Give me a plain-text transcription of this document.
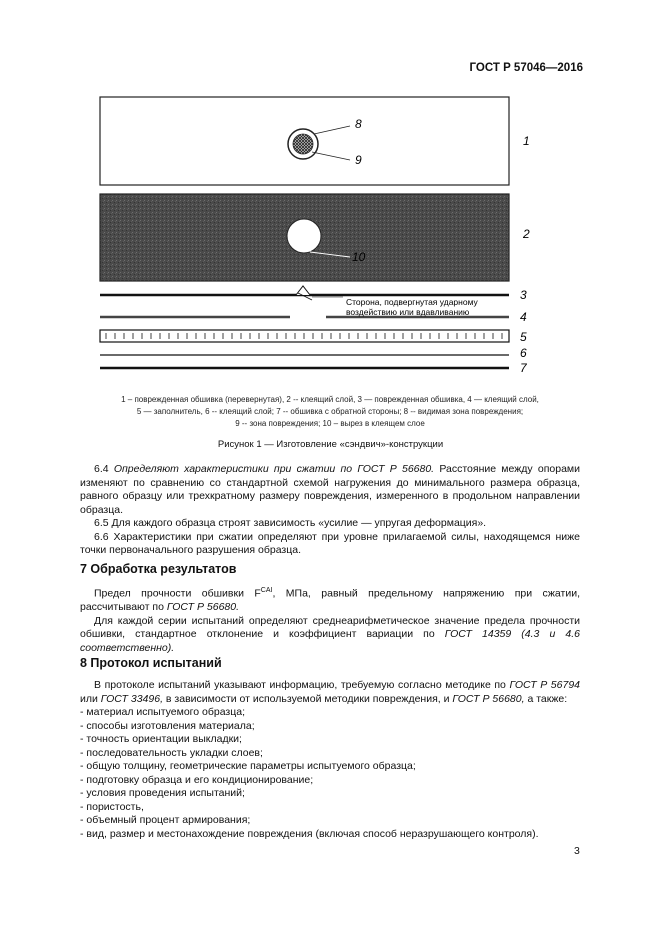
ГОСТ Р 57046—2016
8
9
10
1
2
3
4
5
6
7
Сторона, подвергнутая ударному
воздействию или вдавливанию
1 – поврежденная обшивка (перевернутая), 2 -- клеящий слой, 3 — поврежденная обшивка, 4 — клеящий слой,
5 — заполнитель, 6 -- клеящий слой; 7 -- обшивка с обратной стороны; 8 -- видимая зона повреждения;
9 -- зона повреждения; 10 – вырез в клеящем слое
Рисунок 1 — Изготовление «сэндвич»-конструкции

6.4 Определяют характеристики при сжатии по ГОСТ Р 56680. Расстояние между опорами изменяют по сравнению со стандартной схемой нагружения до минимального размера образца, равного образцу или трехкратному размеру повреждения, измеренного в продольном направлении образца.

6.5 Для каждого образца строят зависимость «усилие — упругая деформация».

6.6 Характеристики при сжатии определяют при уровне прилагаемой силы, находящемся ниже точки первоначального разрушения образца.

7 Обработка результатов

Предел прочности обшивки $F^{CAI}$, МПа, равный предельному напряжению при сжатии, рассчитывают по ГОСТ Р 56680.

Для каждой серии испытаний определяют среднеарифметическое значение предела прочности обшивки, стандартное отклонение и коэффициент вариации по ГОСТ 14359 (4.3 и 4.6 соответственно).

8 Протокол испытаний

В протоколе испытаний указывают информацию, требуемую согласно методике по ГОСТ Р 56794 или ГОСТ 33496, в зависимости от используемой методики повреждения, и ГОСТ Р 56680, а также:

- материал испытуемого образца;
- способы изготовления материала;
- точность ориентации выкладки;
- последовательность укладки слоев;
- общую толщину, геометрические параметры испытуемого образца;
- подготовку образца и его кондиционирование;
- условия проведения испытаний;
- пористость,
- объемный процент армирования;
- вид, размер и местонахождение повреждения (включая способ неразрушающего контроля).
3
